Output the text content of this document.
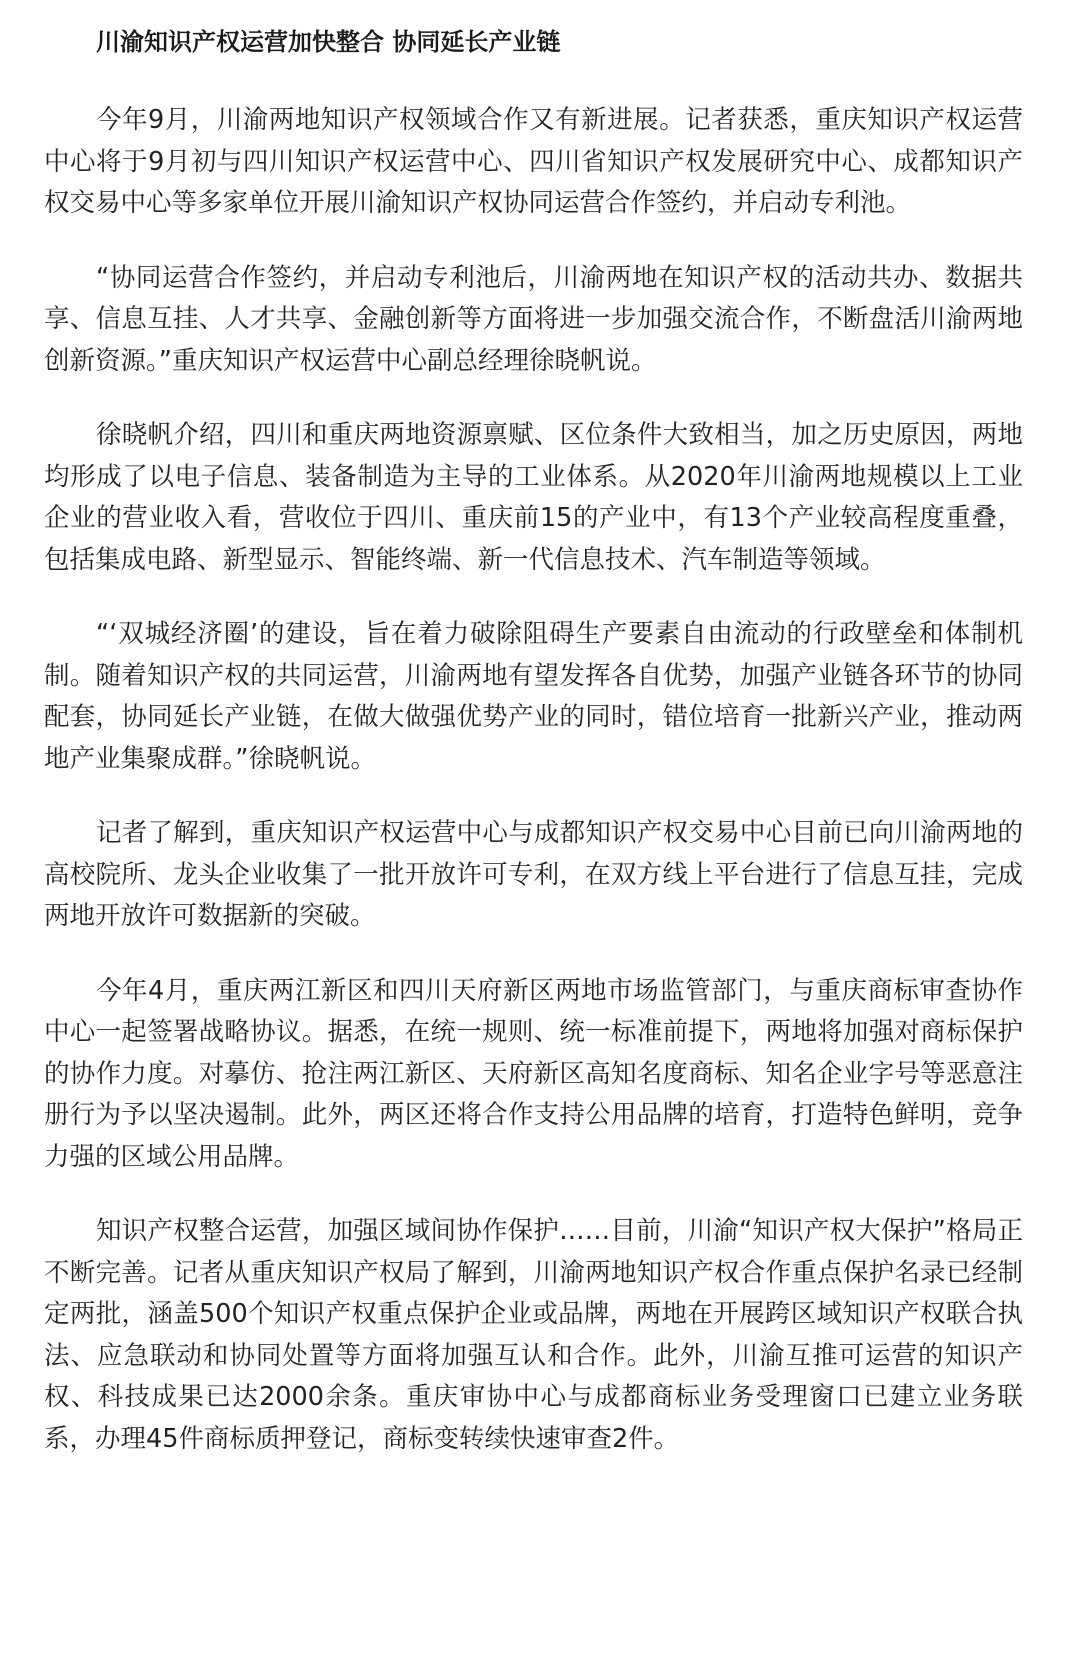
川渝知识产权运营加快整合 协同延长产业链

今年9月，川渝两地知识产权领域合作又有新进展。记者获悉，重庆知识产权运营中心将于9月初与四川知识产权运营中心、四川省知识产权发展研究中心、成都知识产权交易中心等多家单位开展川渝知识产权协同运营合作签约，并启动专利池。

“协同运营合作签约，并启动专利池后，川渝两地在知识产权的活动共办、数据共享、信息互挂、人才共享、金融创新等方面将进一步加强交流合作，不断盘活川渝两地创新资源。”重庆知识产权运营中心副总经理徐晓帆说。

徐晓帆介绍，四川和重庆两地资源禀赋、区位条件大致相当，加之历史原因，两地均形成了以电子信息、装备制造为主导的工业体系。从2020年川渝两地规模以上工业企业的营业收入看，营收位于四川、重庆前15的产业中，有13个产业较高程度重叠，包括集成电路、新型显示、智能终端、新一代信息技术、汽车制造等领域。

“‘双城经济圈’的建设，旨在着力破除阻碍生产要素自由流动的行政壁垒和体制机制。随着知识产权的共同运营，川渝两地有望发挥各自优势，加强产业链各环节的协同配套，协同延长产业链，在做大做强优势产业的同时，错位培育一批新兴产业，推动两地产业集聚成群。”徐晓帆说。

记者了解到，重庆知识产权运营中心与成都知识产权交易中心目前已向川渝两地的高校院所、龙头企业收集了一批开放许可专利，在双方线上平台进行了信息互挂，完成两地开放许可数据新的突破。

今年4月，重庆两江新区和四川天府新区两地市场监管部门，与重庆商标审查协作中心一起签署战略协议。据悉，在统一规则、统一标准前提下，两地将加强对商标保护的协作力度。对摹仿、抢注两江新区、天府新区高知名度商标、知名企业字号等恶意注册行为予以坚决遏制。此外，两区还将合作支持公用品牌的培育，打造特色鲜明，竞争力强的区域公用品牌。

知识产权整合运营，加强区域间协作保护……目前，川渝“知识产权大保护”格局正不断完善。记者从重庆知识产权局了解到，川渝两地知识产权合作重点保护名录已经制定两批，涵盖500个知识产权重点保护企业或品牌，两地在开展跨区域知识产权联合执法、应急联动和协同处置等方面将加强互认和合作。此外，川渝互推可运营的知识产权、科技成果已达2000余条。重庆审协中心与成都商标业务受理窗口已建立业务联系，办理45件商标质押登记，商标变转续快速审查2件。
